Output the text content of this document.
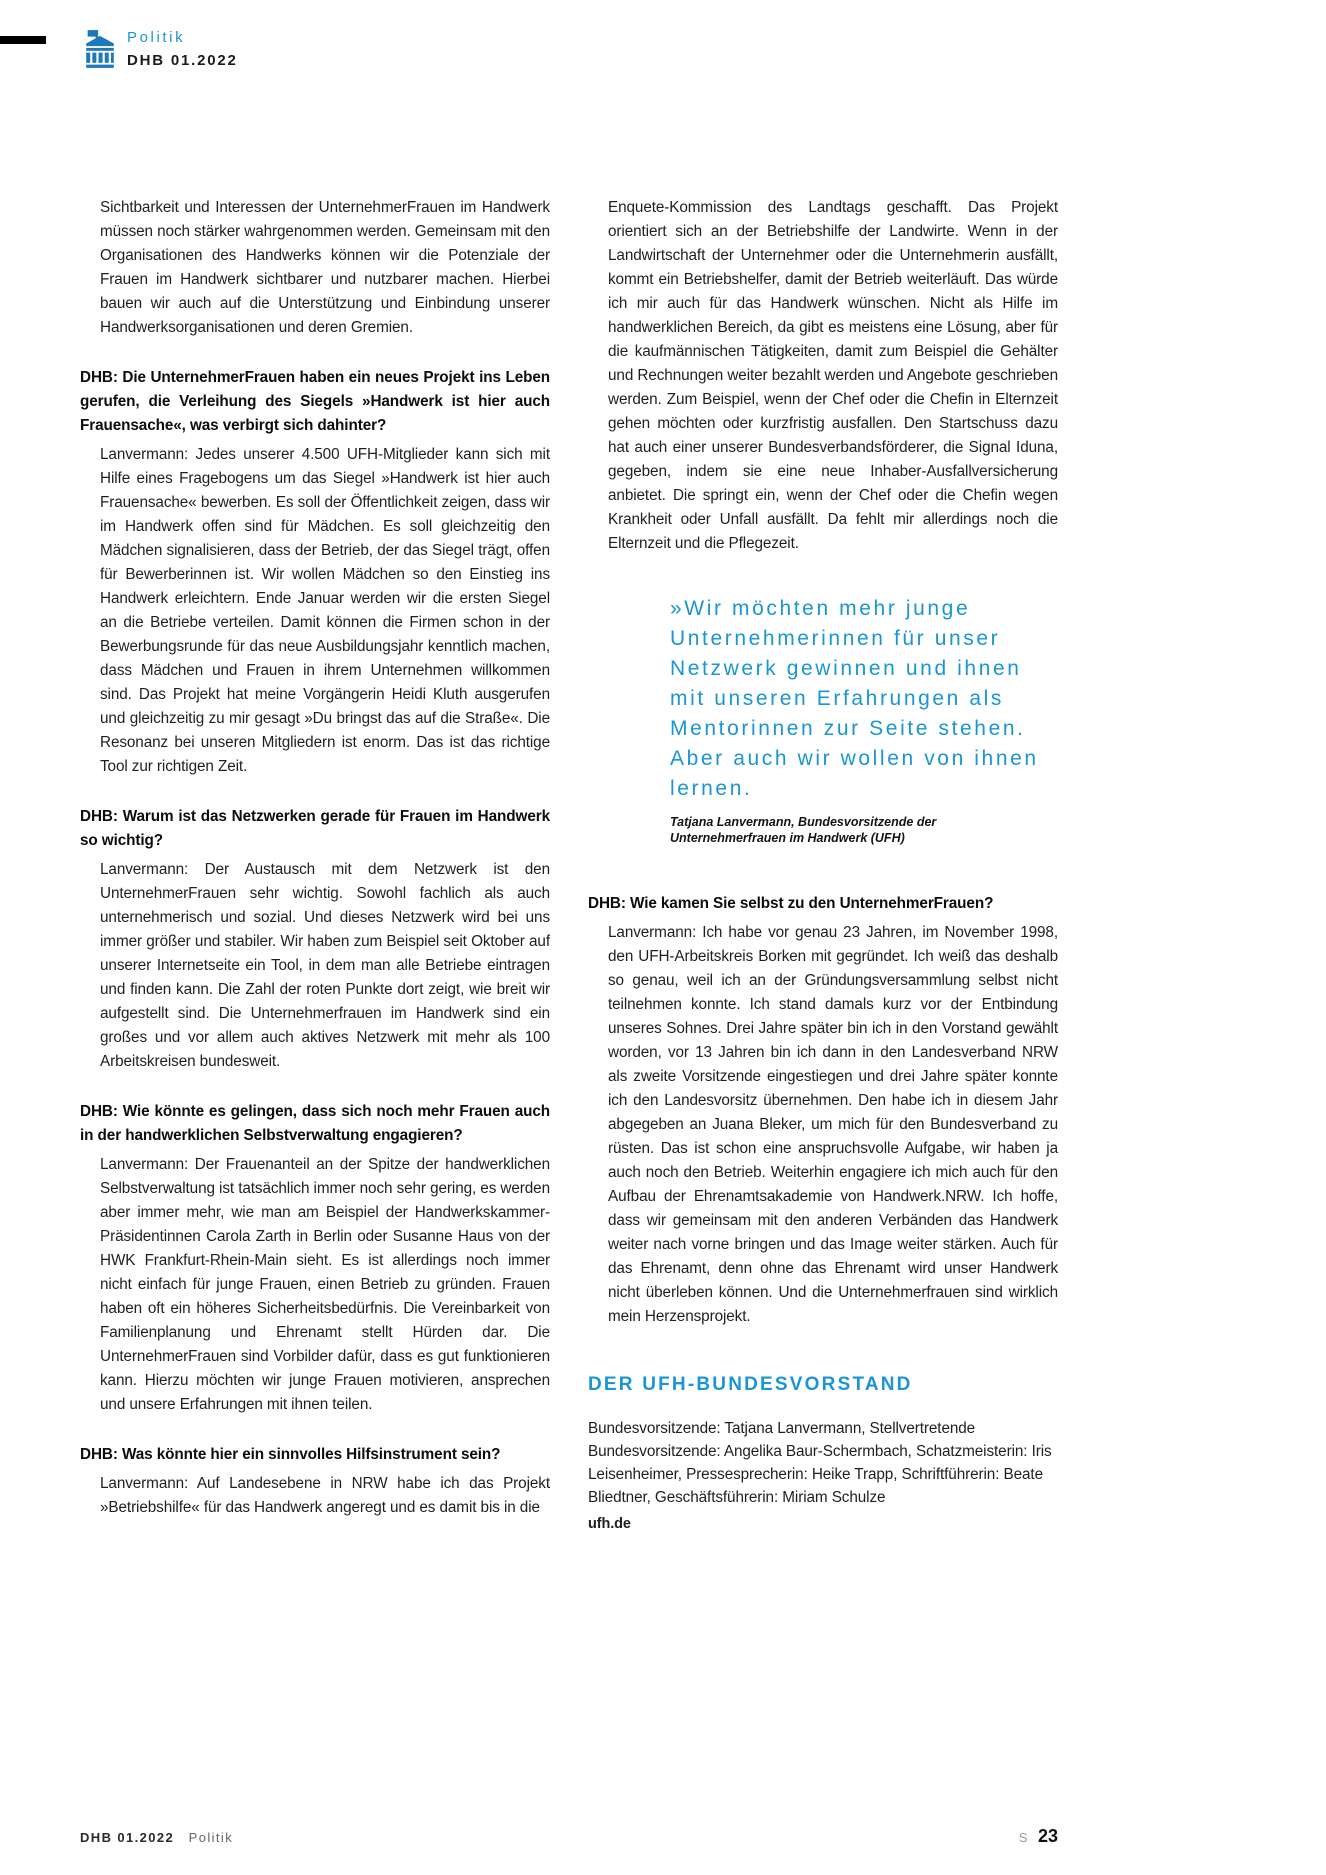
Politik
DHB 01.2022

Sichtbarkeit und Interessen der UnternehmerFrauen im Handwerk müssen noch stärker wahrgenommen werden. Gemeinsam mit den Organisationen des Handwerks können wir die Potenziale der Frauen im Handwerk sichtbarer und nutzbarer machen. Hierbei bauen wir auch auf die Unterstützung und Einbindung unserer Handwerksorganisationen und deren Gremien.

DHB: Die UnternehmerFrauen haben ein neues Projekt ins Leben gerufen, die Verleihung des Siegels »Handwerk ist hier auch Frauensache«, was verbirgt sich dahinter?

Lanvermann: Jedes unserer 4.500 UFH-Mitglieder kann sich mit Hilfe eines Fragebogens um das Siegel »Handwerk ist hier auch Frauensache« bewerben. Es soll der Öffentlichkeit zeigen, dass wir im Handwerk offen sind für Mädchen. Es soll gleichzeitig den Mädchen signalisieren, dass der Betrieb, der das Siegel trägt, offen für Bewerberinnen ist. Wir wollen Mädchen so den Einstieg ins Handwerk erleichtern. Ende Januar werden wir die ersten Siegel an die Betriebe verteilen. Damit können die Firmen schon in der Bewerbungsrunde für das neue Ausbildungsjahr kenntlich machen, dass Mädchen und Frauen in ihrem Unternehmen willkommen sind. Das Projekt hat meine Vorgängerin Heidi Kluth ausgerufen und gleichzeitig zu mir gesagt »Du bringst das auf die Straße«. Die Resonanz bei unseren Mitgliedern ist enorm. Das ist das richtige Tool zur richtigen Zeit.

DHB: Warum ist das Netzwerken gerade für Frauen im Handwerk so wichtig?

Lanvermann: Der Austausch mit dem Netzwerk ist den UnternehmerFrauen sehr wichtig. Sowohl fachlich als auch unternehmerisch und sozial. Und dieses Netzwerk wird bei uns immer größer und stabiler. Wir haben zum Beispiel seit Oktober auf unserer Internetseite ein Tool, in dem man alle Betriebe eintragen und finden kann. Die Zahl der roten Punkte dort zeigt, wie breit wir aufgestellt sind. Die Unternehmerfrauen im Handwerk sind ein großes und vor allem auch aktives Netzwerk mit mehr als 100 Arbeitskreisen bundesweit.

DHB: Wie könnte es gelingen, dass sich noch mehr Frauen auch in der handwerklichen Selbstverwaltung engagieren?

Lanvermann: Der Frauenanteil an der Spitze der handwerklichen Selbstverwaltung ist tatsächlich immer noch sehr gering, es werden aber immer mehr, wie man am Beispiel der Handwerkskammer-Präsidentinnen Carola Zarth in Berlin oder Susanne Haus von der HWK Frankfurt-Rhein-Main sieht. Es ist allerdings noch immer nicht einfach für junge Frauen, einen Betrieb zu gründen. Frauen haben oft ein höheres Sicherheitsbedürfnis. Die Vereinbarkeit von Familienplanung und Ehrenamt stellt Hürden dar. Die UnternehmerFrauen sind Vorbilder dafür, dass es gut funktionieren kann. Hierzu möchten wir junge Frauen motivieren, ansprechen und unsere Erfahrungen mit ihnen teilen.

DHB: Was könnte hier ein sinnvolles Hilfsinstrument sein?

Lanvermann: Auf Landesebene in NRW habe ich das Projekt »Betriebshilfe« für das Handwerk angeregt und es damit bis in die

Enquete-Kommission des Landtags geschafft. Das Projekt orientiert sich an der Betriebshilfe der Landwirte. Wenn in der Landwirtschaft der Unternehmer oder die Unternehmerin ausfällt, kommt ein Betriebshelfer, damit der Betrieb weiterläuft. Das würde ich mir auch für das Handwerk wünschen. Nicht als Hilfe im handwerklichen Bereich, da gibt es meistens eine Lösung, aber für die kaufmännischen Tätigkeiten, damit zum Beispiel die Gehälter und Rechnungen weiter bezahlt werden und Angebote geschrieben werden. Zum Beispiel, wenn der Chef oder die Chefin in Elternzeit gehen möchten oder kurzfristig ausfallen. Den Startschuss dazu hat auch einer unserer Bundesverbandsförderer, die Signal Iduna, gegeben, indem sie eine neue Inhaber-Ausfallversicherung anbietet. Die springt ein, wenn der Chef oder die Chefin wegen Krankheit oder Unfall ausfällt. Da fehlt mir allerdings noch die Elternzeit und die Pflegezeit.

»Wir möchten mehr junge Unternehmerinnen für unser Netzwerk gewinnen und ihnen mit unseren Erfahrungen als Mentorinnen zur Seite stehen. Aber auch wir wollen von ihnen lernen.
Tatjana Lanvermann, Bundesvorsitzende der Unternehmerfrauen im Handwerk (UFH)

DHB: Wie kamen Sie selbst zu den UnternehmerFrauen?

Lanvermann: Ich habe vor genau 23 Jahren, im November 1998, den UFH-Arbeitskreis Borken mit gegründet. Ich weiß das deshalb so genau, weil ich an der Gründungsversammlung selbst nicht teilnehmen konnte. Ich stand damals kurz vor der Entbindung unseres Sohnes. Drei Jahre später bin ich in den Vorstand gewählt worden, vor 13 Jahren bin ich dann in den Landesverband NRW als zweite Vorsitzende eingestiegen und drei Jahre später konnte ich den Landesvorsitz übernehmen. Den habe ich in diesem Jahr abgegeben an Juana Bleker, um mich für den Bundesverband zu rüsten. Das ist schon eine anspruchsvolle Aufgabe, wir haben ja auch noch den Betrieb. Weiterhin engagiere ich mich auch für den Aufbau der Ehrenamtsakademie von Handwerk.NRW. Ich hoffe, dass wir gemeinsam mit den anderen Verbänden das Handwerk weiter nach vorne bringen und das Image weiter stärken. Auch für das Ehrenamt, denn ohne das Ehrenamt wird unser Handwerk nicht überleben können. Und die Unternehmerfrauen sind wirklich mein Herzensprojekt.

DER UFH-BUNDESVORSTAND

Bundesvorsitzende: Tatjana Lanvermann, Stellvertretende Bundesvorsitzende: Angelika Baur-Schermbach, Schatzmeisterin: Iris Leisenheimer, Pressesprecherin: Heike Trapp, Schriftführerin: Beate Bliedtner, Geschäftsführerin: Miriam Schulze

ufh.de

DHB 01.2022 Politik	S 23
